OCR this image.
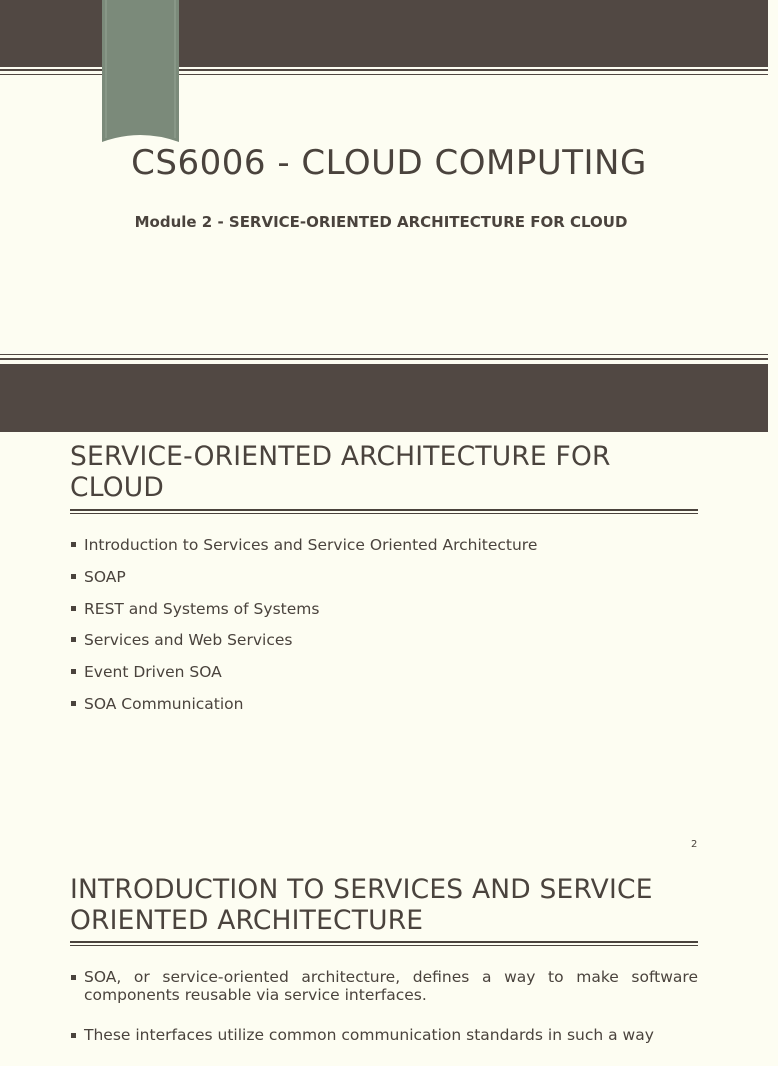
CS6006 - CLOUD COMPUTING
Module 2 - SERVICE-ORIENTED ARCHITECTURE FOR CLOUD
SERVICE-ORIENTED ARCHITECTURE FOR
CLOUD
Introduction to Services and Service Oriented Architecture
SOAP
REST and Systems of Systems
Services and Web Services
Event Driven SOA
SOA Communication
2
INTRODUCTION TO SERVICES AND SERVICE
ORIENTED ARCHITECTURE
SOA, or service-oriented architecture, defines a way to make software components reusable via service interfaces.
These interfaces utilize common communication standards in such a way
